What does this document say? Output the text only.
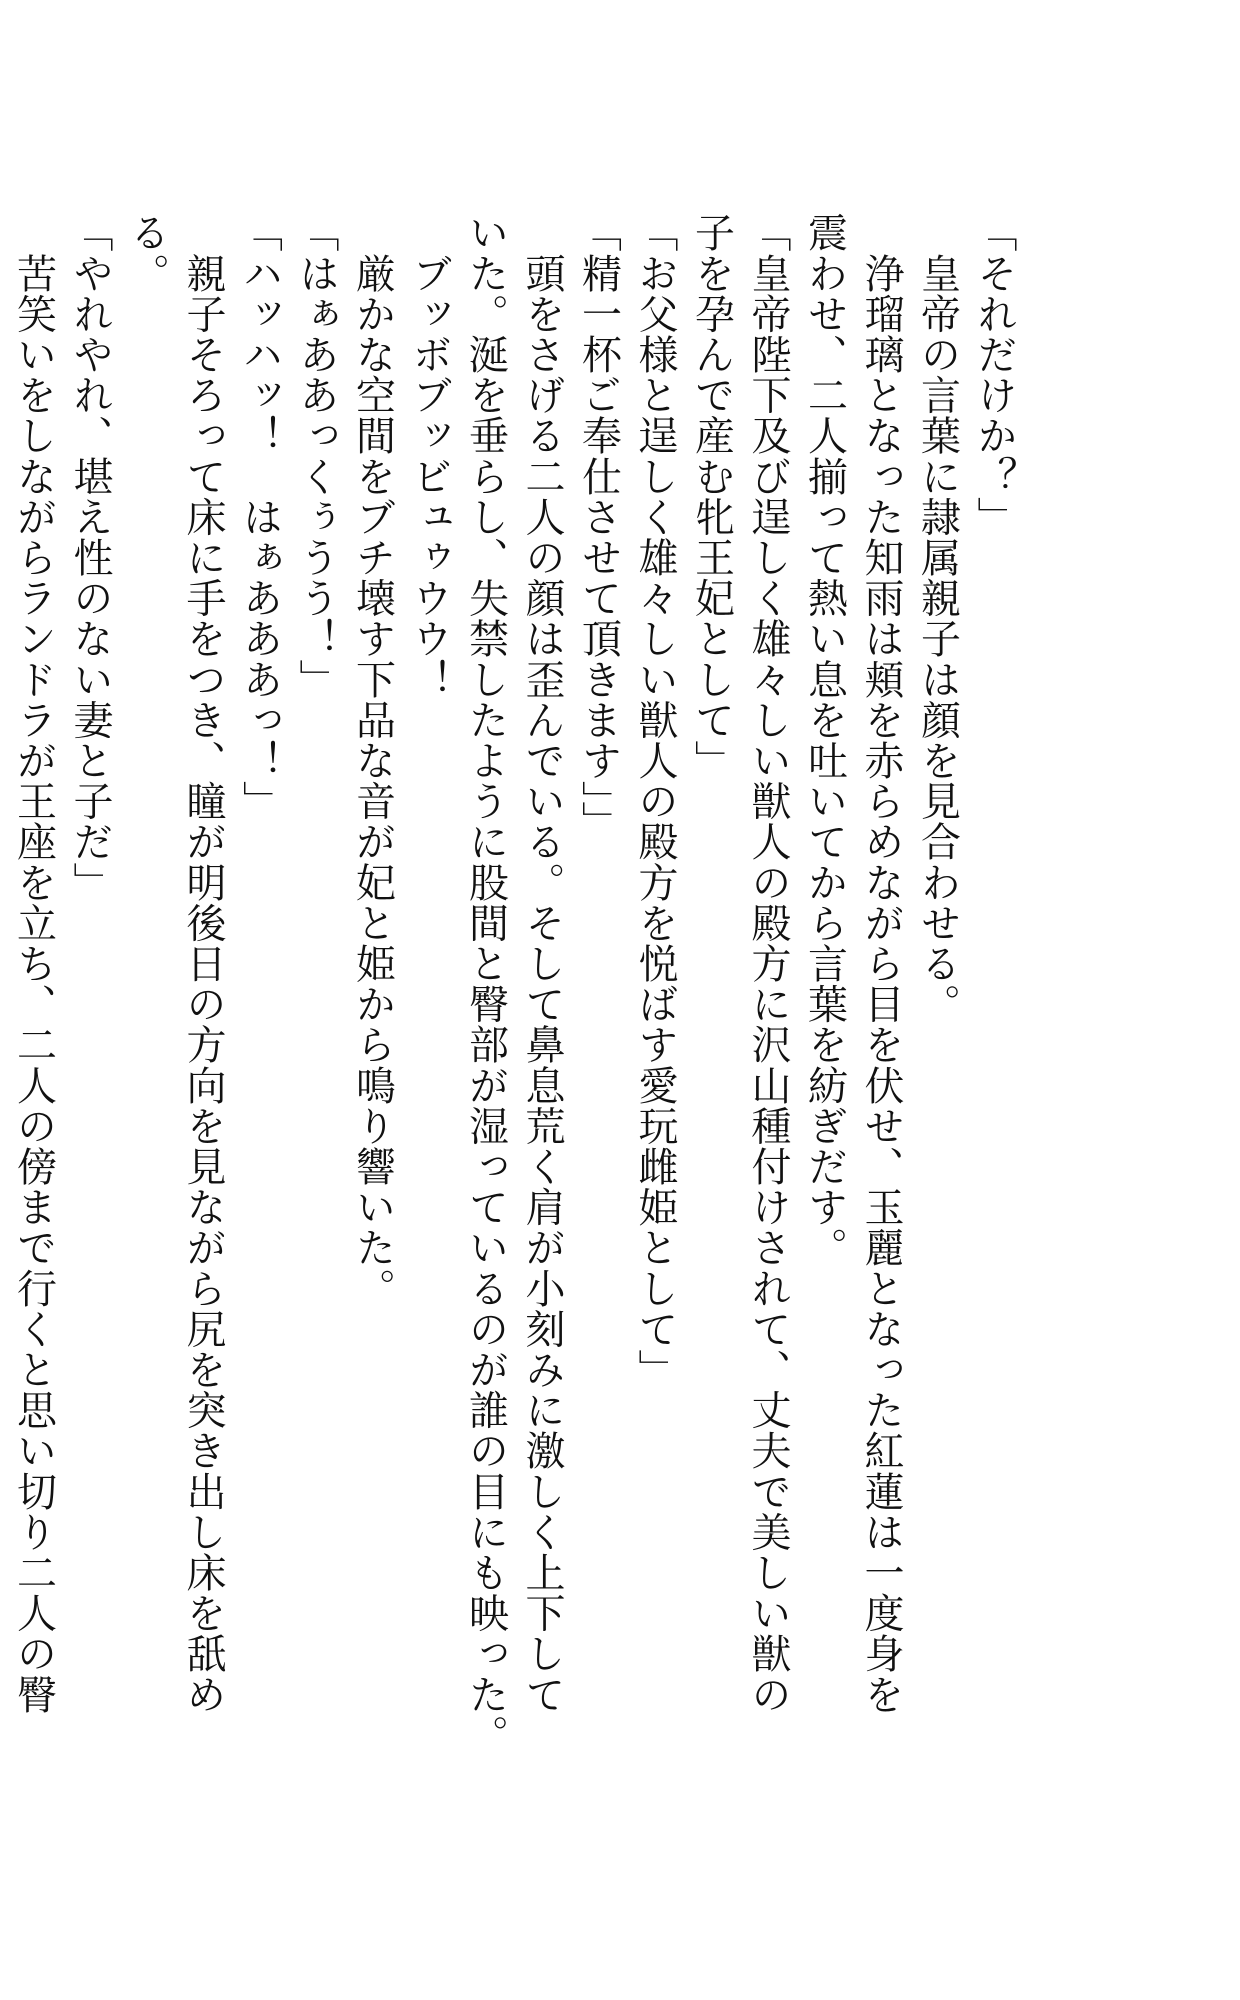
「それだけか？」
　皇帝の言葉に隷属親子は顔を見合わせる。
　浄瑠璃となった知雨は頬を赤らめながら目を伏せ、玉麗となった紅蓮は一度身を
震わせ、二人揃って熱い息を吐いてから言葉を紡ぎだす。
「皇帝陛下及び逞しく雄々しい獣人の殿方に沢山種付けされて、丈夫で美しい獣の
子を孕んで産む牝王妃として」
「お父様と逞しく雄々しい獣人の殿方を悦ばす愛玩雌姫として」
「精一杯ご奉仕させて頂きます」」
　頭をさげる二人の顔は歪んでいる。そして鼻息荒く肩が小刻みに激しく上下して
いた。涎を垂らし、失禁したように股間と臀部が湿っているのが誰の目にも映った。
　ブッボブッビュゥウウ！
　厳かな空間をブチ壊す下品な音が妃と姫から鳴り響いた。
「はぁああっくぅうう！」
「ハッハッ！　はぁあああっ！」
　親子そろって床に手をつき、瞳が明後日の方向を見ながら尻を突き出し床を舐め
る。
「やれやれ、堪え性のない妻と子だ」
　苦笑いをしながらランドラが王座を立ち、二人の傍まで行くと思い切り二人の臀
